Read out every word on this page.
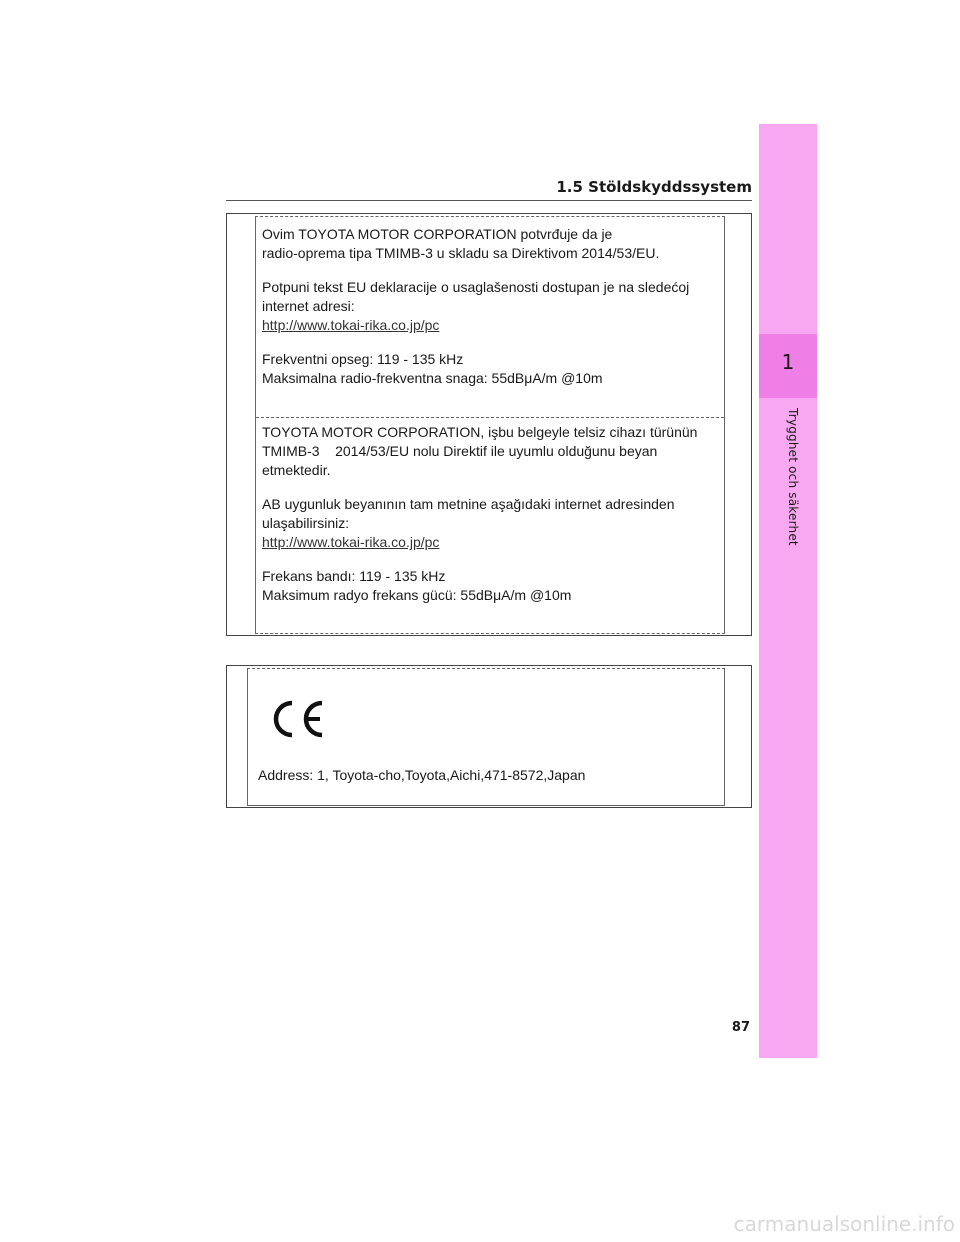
1
Trygghet och säkerhet
1.5 Stöldskyddssystem

Ovim TOYOTA MOTOR CORPORATION potvrđuje da je

radio-oprema tipa TMIMB-3 u skladu sa Direktivom 2014/53/EU.

Potpuni tekst EU deklaracije o usaglašenosti dostupan je na sledećoj

internet adresi:

http://www.tokai-rika.co.jp/pc

Frekventni opseg: 119 - 135 kHz

Maksimalna radio-frekventna snaga: 55dBμA/m @10m

TOYOTA MOTOR CORPORATION, işbu belgeyle telsiz cihazı türünün

TMIMB-3    2014/53/EU nolu Direktif ile uyumlu olduğunu beyan

etmektedir.

AB uygunluk beyanının tam metnine aşağıdaki internet adresinden

ulaşabilirsiniz:

http://www.tokai-rika.co.jp/pc

Frekans bandı: 119 - 135 kHz

Maksimum radyo frekans gücü: 55dBμA/m @10m

Address: 1, Toyota-cho,Toyota,Aichi,471-8572,Japan
87
carmanualsonline.info
